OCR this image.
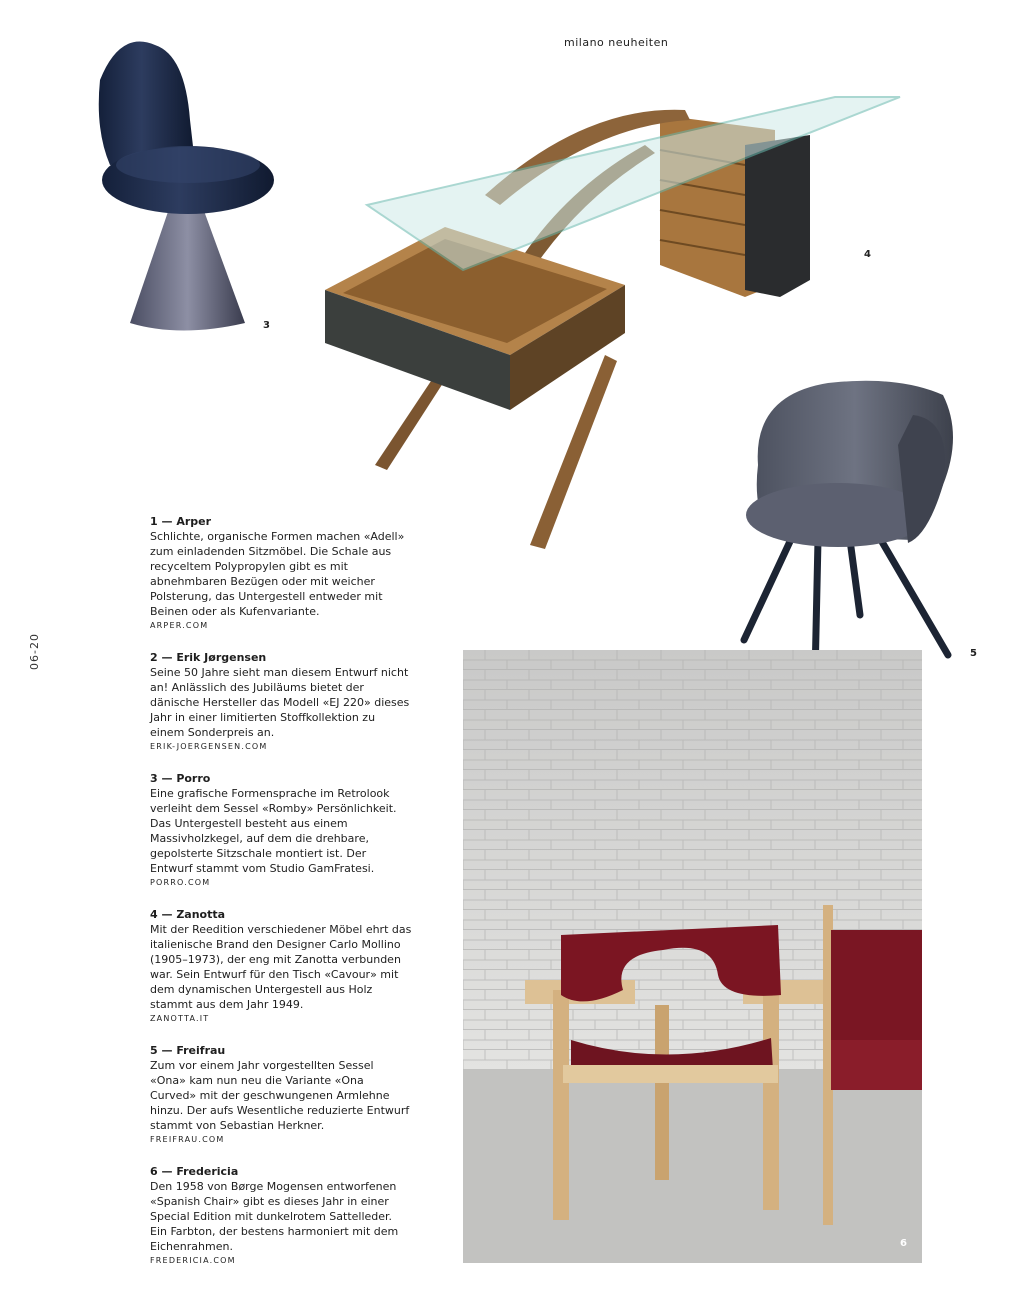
milano neuheiten
06-20
3
4
5
6

1 — Arper

Schlichte, organische Formen machen «Adell» zum einladenden Sitzmöbel. Die Schale aus recyceltem Polypropylen gibt es mit abnehmbaren Bezügen oder mit weicher Polsterung, das Untergestell entweder mit Beinen oder als Kufenvariante.

ARPER.COM

2 — Erik Jørgensen

Seine 50 Jahre sieht man diesem Entwurf nicht an! Anlässlich des Jubiläums bietet der dänische Hersteller das Modell «EJ 220» dieses Jahr in einer limitierten Stoffkollektion zu einem Sonderpreis an.

ERIK-JOERGENSEN.COM

3 — Porro

Eine grafische Formensprache im Retrolook verleiht dem Sessel «Romby» Persönlichkeit. Das Untergestell besteht aus einem Massivholzkegel, auf dem die drehbare, gepolsterte Sitzschale montiert ist. Der Entwurf stammt vom Studio GamFratesi.

PORRO.COM

4 — Zanotta

Mit der Reedition verschiedener Möbel ehrt das italienische Brand den Designer Carlo Mollino (1905–1973), der eng mit Zanotta verbunden war. Sein Entwurf für den Tisch «Cavour» mit dem dynamischen Untergestell aus Holz stammt aus dem Jahr 1949.

ZANOTTA.IT

5 — Freifrau

Zum vor einem Jahr vorgestellten Sessel «Ona» kam nun neu die Variante «Ona Curved» mit der geschwungenen Armlehne hinzu. Der aufs Wesentliche reduzierte Entwurf stammt von Sebastian Herkner.

FREIFRAU.COM

6 — Fredericia

Den 1958 von Børge Mogensen entworfenen «Spanish Chair» gibt es dieses Jahr in einer Special Edition mit dunkelrotem Sattelleder. Ein Farbton, der bestens harmoniert mit dem Eichenrahmen.

FREDERICIA.COM
